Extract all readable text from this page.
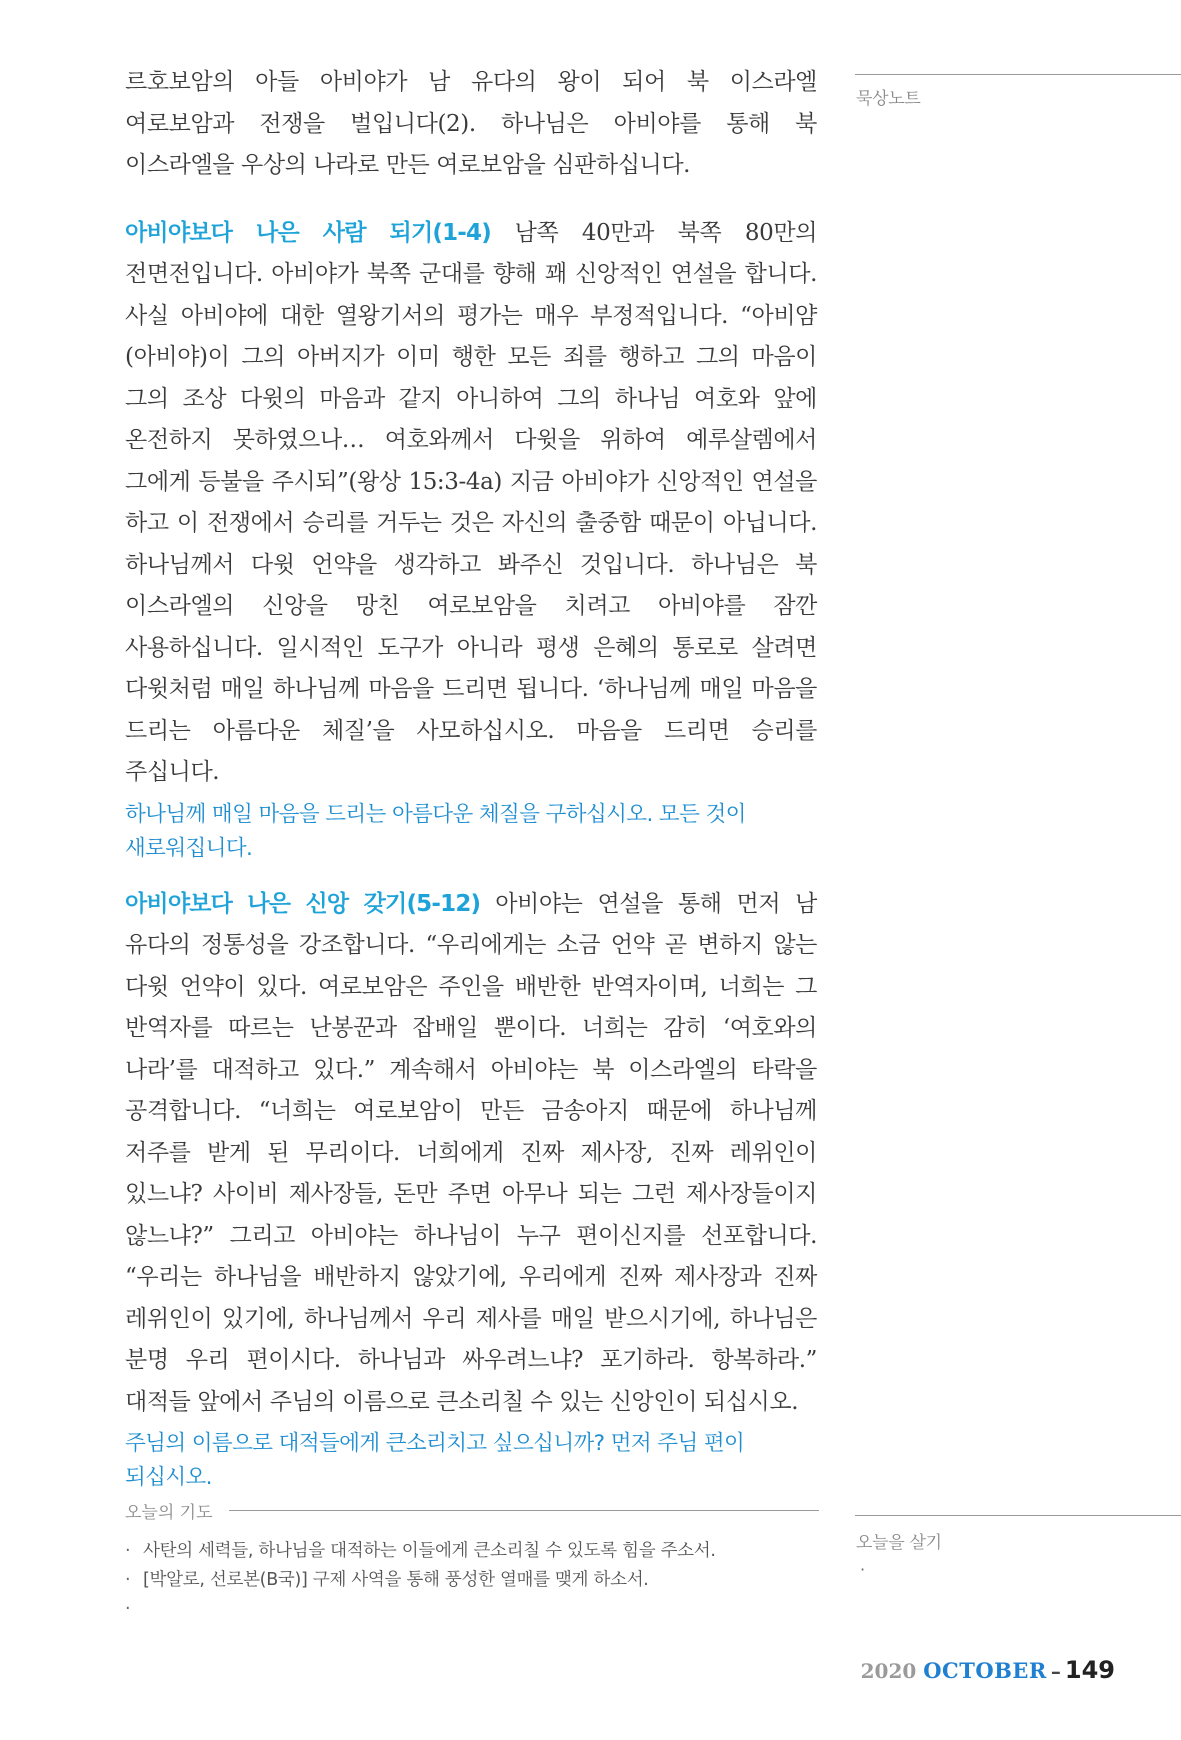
묵상노트
오늘을 살기
·

르호보암의 아들 아비야가 남 유다의 왕이 되어 북 이스라엘 여로보암과 전쟁을 벌입니다(2). 하나님은 아비야를 통해 북 이스라엘을 우상의 나라로 만든 여로보암을 심판하십니다.

아비야보다 나은 사람 되기(1-4) 남쪽 40만과 북쪽 80만의 전면전입니다. 아비야가 북쪽 군대를 향해 꽤 신앙적인 연설을 합니다. 사실 아비야에 대한 열왕기서의 평가는 매우 부정적입니다. “아비얌(아비야)이 그의 아버지가 이미 행한 모든 죄를 행하고 그의 마음이 그의 조상 다윗의 마음과 같지 아니하여 그의 하나님 여호와 앞에 온전하지 못하였으나… 여호와께서 다윗을 위하여 예루살렘에서 그에게 등불을 주시되”(왕상 15:3-4a) 지금 아비야가 신앙적인 연설을 하고 이 전쟁에서 승리를 거두는 것은 자신의 출중함 때문이 아닙니다. 하나님께서 다윗 언약을 생각하고 봐주신 것입니다. 하나님은 북 이스라엘의 신앙을 망친 여로보암을 치려고 아비야를 잠깐 사용하십니다. 일시적인 도구가 아니라 평생 은혜의 통로로 살려면 다윗처럼 매일 하나님께 마음을 드리면 됩니다. ‘하나님께 매일 마음을 드리는 아름다운 체질’을 사모하십시오. 마음을 드리면 승리를 주십니다.

하나님께 매일 마음을 드리는 아름다운 체질을 구하십시오. 모든 것이 새로워집니다.

아비야보다 나은 신앙 갖기(5-12) 아비야는 연설을 통해 먼저 남 유다의 정통성을 강조합니다. “우리에게는 소금 언약 곧 변하지 않는 다윗 언약이 있다. 여로보암은 주인을 배반한 반역자이며, 너희는 그 반역자를 따르는 난봉꾼과 잡배일 뿐이다. 너희는 감히 ‘여호와의 나라’를 대적하고 있다.” 계속해서 아비야는 북 이스라엘의 타락을 공격합니다. “너희는 여로보암이 만든 금송아지 때문에 하나님께 저주를 받게 된 무리이다. 너희에게 진짜 제사장, 진짜 레위인이 있느냐? 사이비 제사장들, 돈만 주면 아무나 되는 그런 제사장들이지 않느냐?” 그리고 아비야는 하나님이 누구 편이신지를 선포합니다. “우리는 하나님을 배반하지 않았기에, 우리에게 진짜 제사장과 진짜 레위인이 있기에, 하나님께서 우리 제사를 매일 받으시기에, 하나님은 분명 우리 편이시다. 하나님과 싸우려느냐? 포기하라. 항복하라.” 대적들 앞에서 주님의 이름으로 큰소리칠 수 있는 신앙인이 되십시오.

주님의 이름으로 대적들에게 큰소리치고 싶으십니까? 먼저 주님 편이 되십시오.

오늘의 기도
· 사탄의 세력들, 하나님을 대적하는 이들에게 큰소리칠 수 있도록 힘을 주소서.
· [박알로, 선로본(B국)] 구제 사역을 통해 풍성한 열매를 맺게 하소서.
·
2020 OCTOBER – 149
